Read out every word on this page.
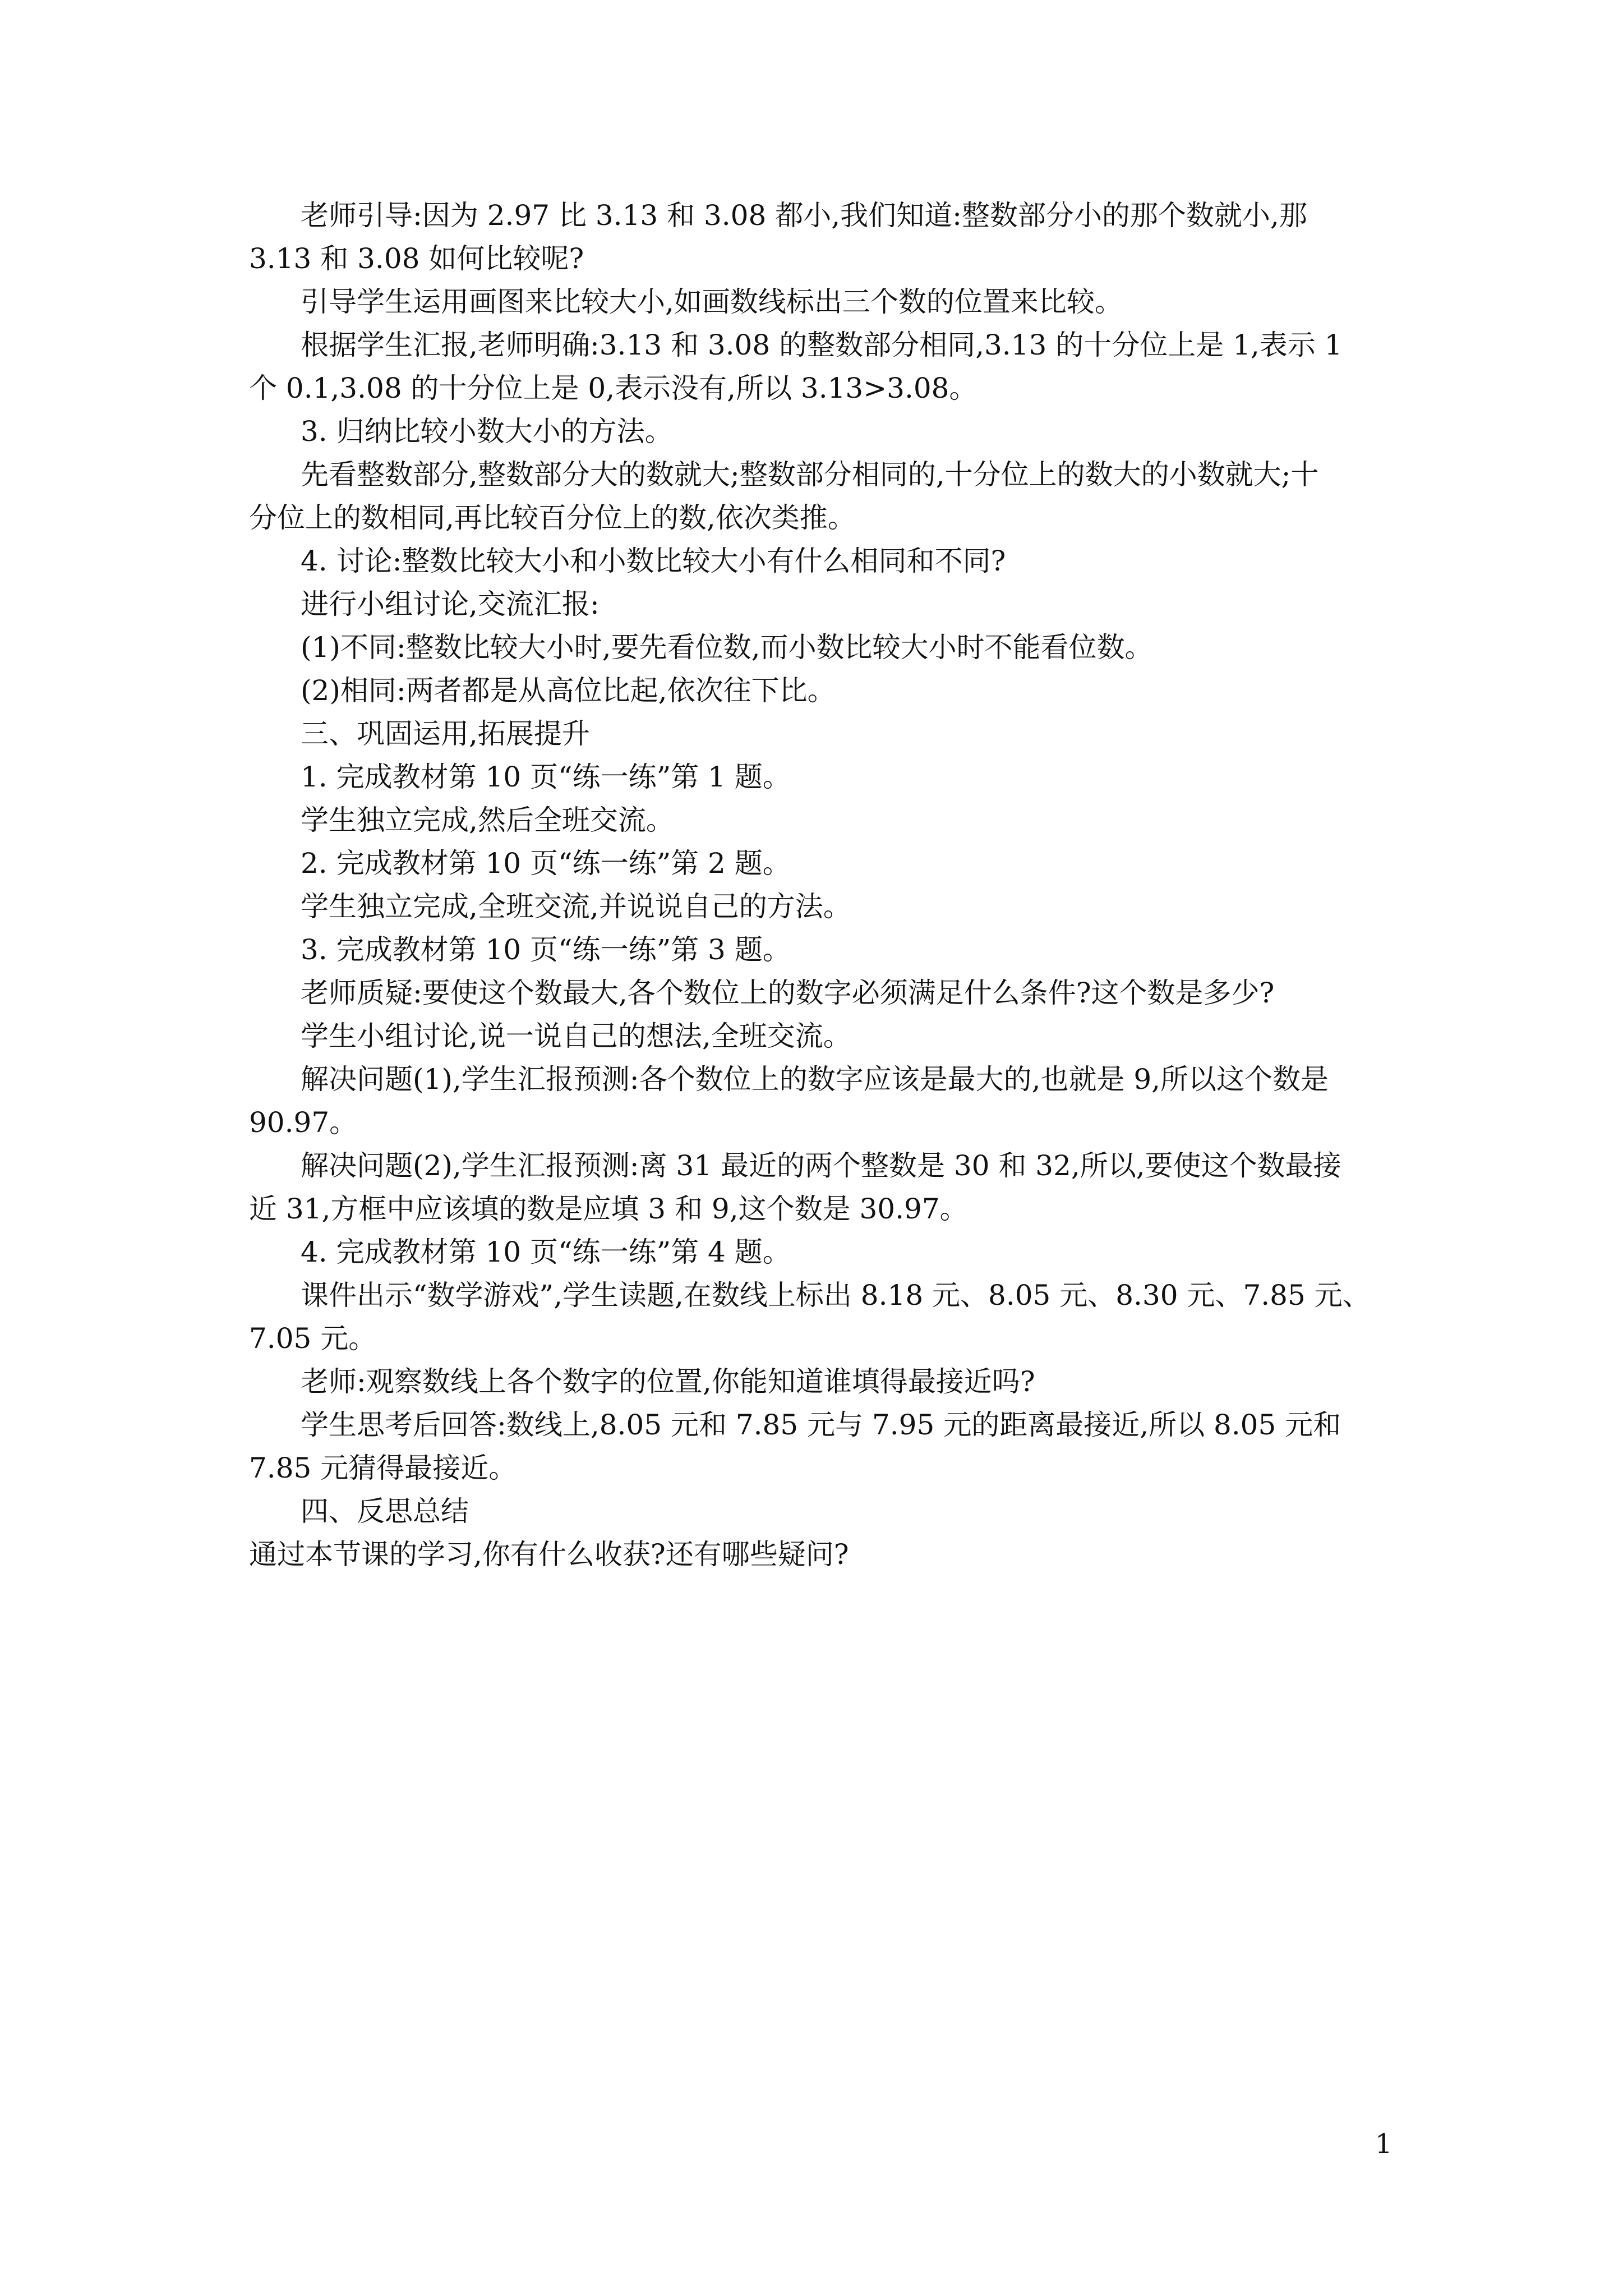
老师引导:因为 2.97 比 3.13 和 3.08 都小,我们知道:整数部分小的那个数就小,那
3.13 和 3.08 如何比较呢?

引导学生运用画图来比较大小,如画数线标出三个数的位置来比较。

根据学生汇报,老师明确:3.13 和 3.08 的整数部分相同,3.13 的十分位上是 1,表示 1
个 0.1,3.08 的十分位上是 0,表示没有,所以 3.13>3.08。

3. 归纳比较小数大小的方法。

先看整数部分,整数部分大的数就大;整数部分相同的,十分位上的数大的小数就大;十
分位上的数相同,再比较百分位上的数,依次类推。

4. 讨论:整数比较大小和小数比较大小有什么相同和不同?

进行小组讨论,交流汇报:

(1)不同:整数比较大小时,要先看位数,而小数比较大小时不能看位数。

(2)相同:两者都是从高位比起,依次往下比。

三、巩固运用,拓展提升

1. 完成教材第 10 页“练一练”第 1 题。

学生独立完成,然后全班交流。

2. 完成教材第 10 页“练一练”第 2 题。

学生独立完成,全班交流,并说说自己的方法。

3. 完成教材第 10 页“练一练”第 3 题。

老师质疑:要使这个数最大,各个数位上的数字必须满足什么条件?这个数是多少?

学生小组讨论,说一说自己的想法,全班交流。

解决问题(1),学生汇报预测:各个数位上的数字应该是最大的,也就是 9,所以这个数是
90.97。

解决问题(2),学生汇报预测:离 31 最近的两个整数是 30 和 32,所以,要使这个数最接
近 31,方框中应该填的数是应填 3 和 9,这个数是 30.97。

4. 完成教材第 10 页“练一练”第 4 题。

课件出示“数学游戏”,学生读题,在数线上标出 8.18 元、8.05 元、8.30 元、7.85 元、
7.05 元。

老师:观察数线上各个数字的位置,你能知道谁填得最接近吗?

学生思考后回答:数线上,8.05 元和 7.85 元与 7.95 元的距离最接近,所以 8.05 元和
7.85 元猜得最接近。

四、反思总结

通过本节课的学习,你有什么收获?还有哪些疑问?

1
